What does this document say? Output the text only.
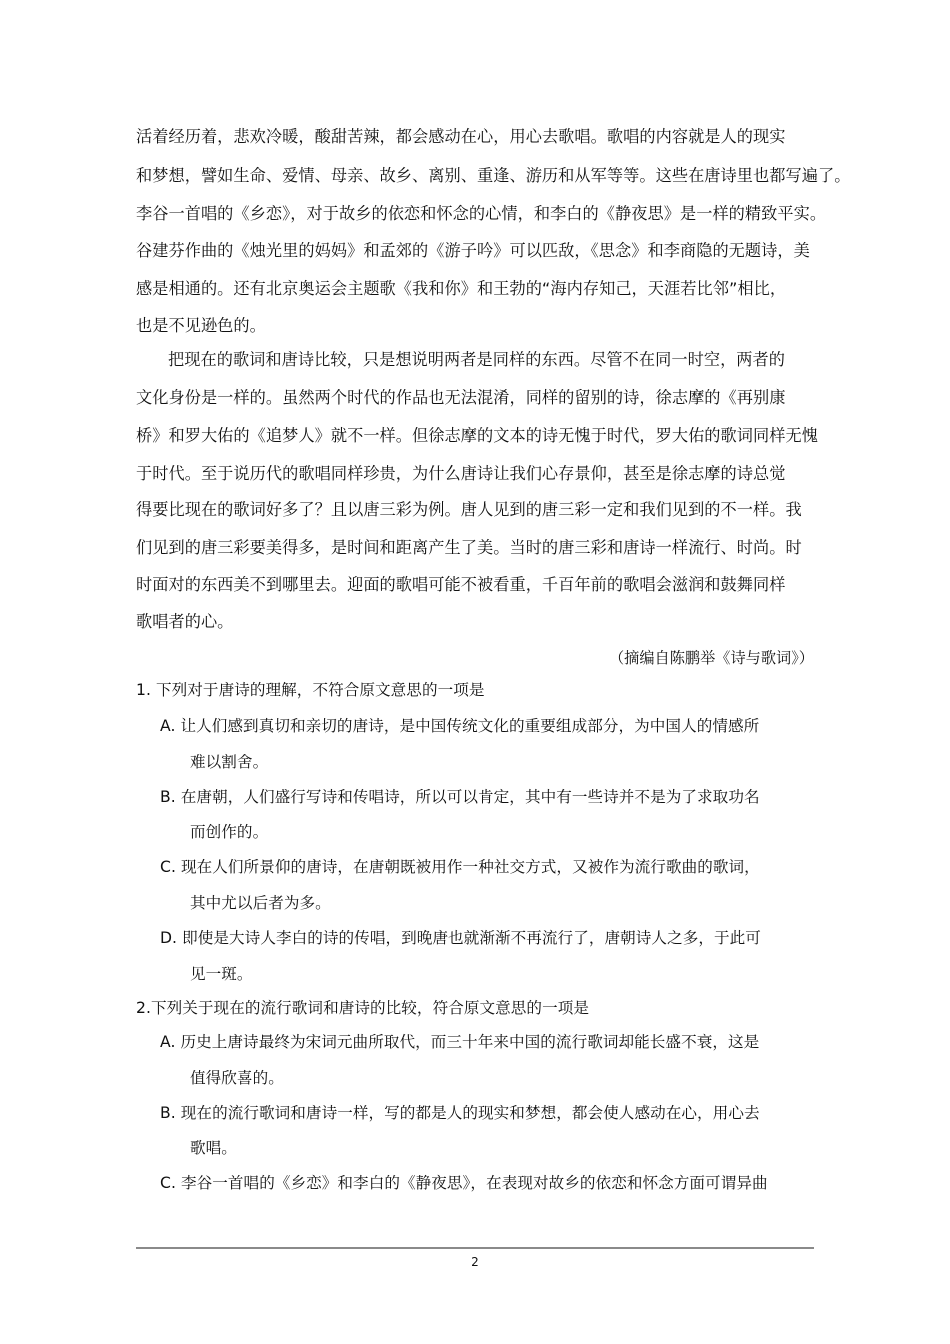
活着经历着，悲欢冷暖，酸甜苦辣，都会感动在心，用心去歌唱。歌唱的内容就是人的现实
和梦想，譬如生命、爱情、母亲、故乡、离别、重逢、游历和从军等等。这些在唐诗里也都写遍了。
李谷一首唱的《乡恋》，对于故乡的依恋和怀念的心情，和李白的《静夜思》是一样的精致平实。
谷建芬作曲的《烛光里的妈妈》和孟郊的《游子吟》可以匹敌，《思念》和李商隐的无题诗，美
感是相通的。还有北京奥运会主题歌《我和你》和王勃的“海内存知己，天涯若比邻”相比，
也是不见逊色的。
把现在的歌词和唐诗比较，只是想说明两者是同样的东西。尽管不在同一时空，两者的
文化身份是一样的。虽然两个时代的作品也无法混淆，同样的留别的诗，徐志摩的《再别康
桥》和罗大佑的《追梦人》就不一样。但徐志摩的文本的诗无愧于时代，罗大佑的歌词同样无愧
于时代。至于说历代的歌唱同样珍贵，为什么唐诗让我们心存景仰，甚至是徐志摩的诗总觉
得要比现在的歌词好多了？且以唐三彩为例。唐人见到的唐三彩一定和我们见到的不一样。我
们见到的唐三彩要美得多，是时间和距离产生了美。当时的唐三彩和唐诗一样流行、时尚。时
时面对的东西美不到哪里去。迎面的歌唱可能不被看重，千百年前的歌唱会滋润和鼓舞同样
歌唱者的心。
（摘编自陈鹏举《诗与歌词》）
1. 下列对于唐诗的理解，不符合原文意思的一项是
A. 让人们感到真切和亲切的唐诗，是中国传统文化的重要组成部分，为中国人的情感所
难以割舍。
B. 在唐朝，人们盛行写诗和传唱诗，所以可以肯定，其中有一些诗并不是为了求取功名
而创作的。
C. 现在人们所景仰的唐诗，在唐朝既被用作一种社交方式，又被作为流行歌曲的歌词，
其中尤以后者为多。
D. 即使是大诗人李白的诗的传唱，到晚唐也就渐渐不再流行了，唐朝诗人之多，于此可
见一斑。
2.下列关于现在的流行歌词和唐诗的比较，符合原文意思的一项是
A. 历史上唐诗最终为宋词元曲所取代，而三十年来中国的流行歌词却能长盛不衰，这是
值得欣喜的。
B. 现在的流行歌词和唐诗一样，写的都是人的现实和梦想，都会使人感动在心，用心去
歌唱。
C. 李谷一首唱的《乡恋》和李白的《静夜思》，在表现对故乡的依恋和怀念方面可谓异曲
2
